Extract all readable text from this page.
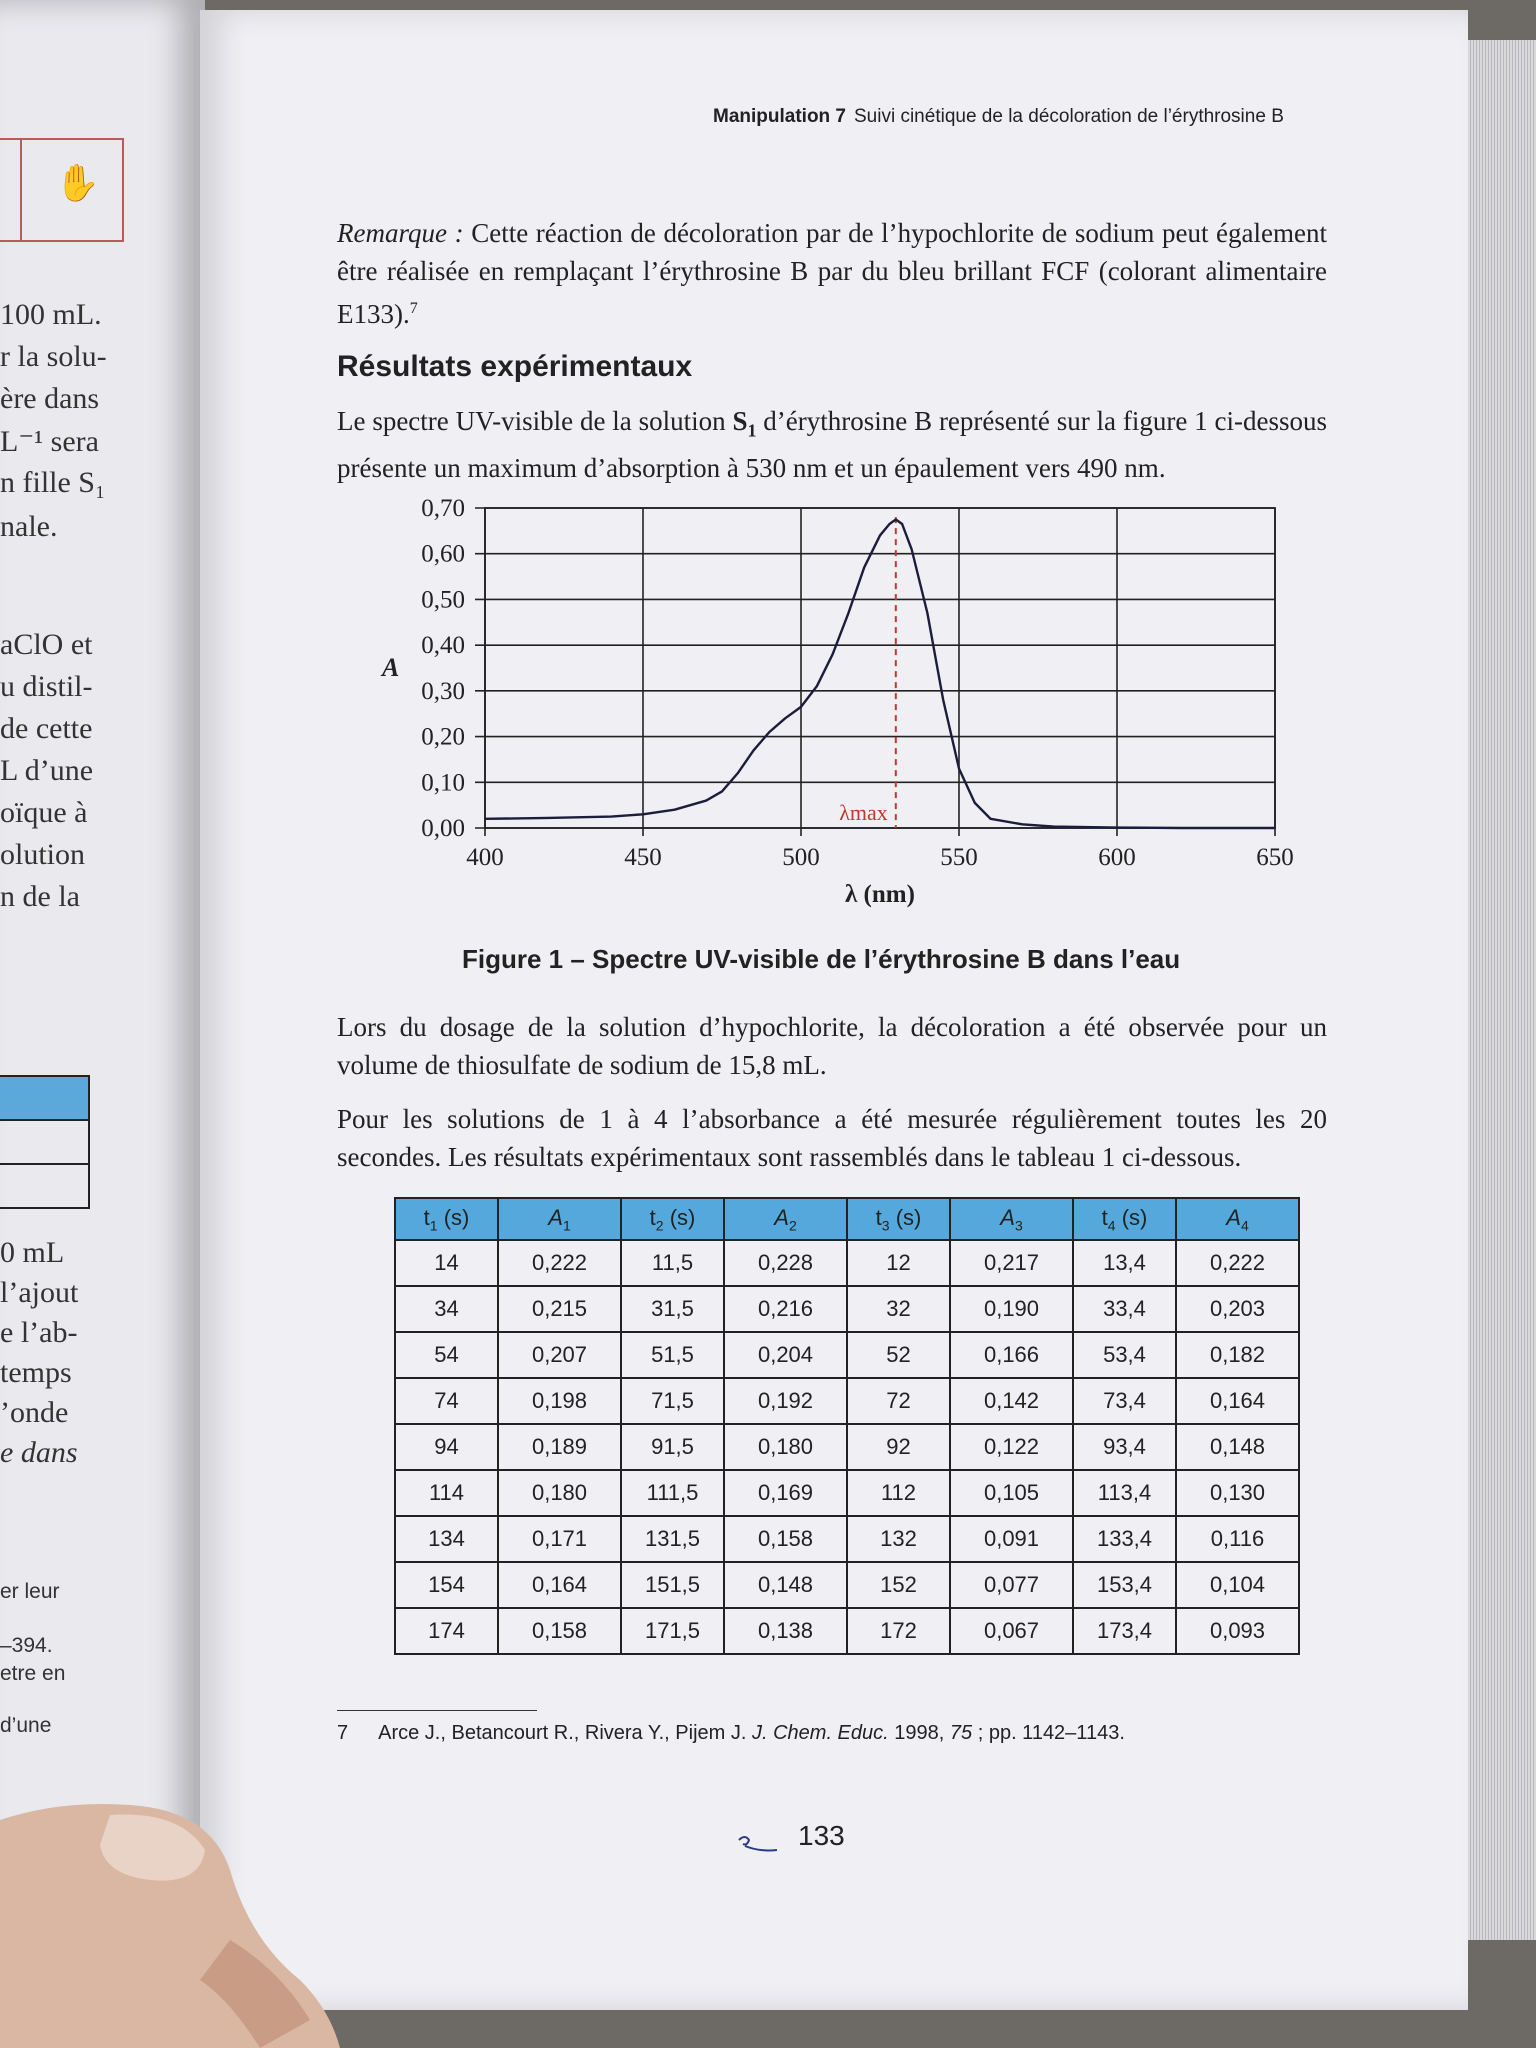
✋
100 mL.
r la solu-
ère dans
L⁻¹ sera
n fille S₁
nale.
aClO et
u distil-
de cette
L d’une
oïque à
olution
n de la
0 mL
l’ajout
e l’ab-
temps
’onde
e dans
er leur
–394.
etre en
d’une
Manipulation 7 Suivi cinétique de la décoloration de l’érythrosine B
Remarque : Cette réaction de décoloration par de l’hypochlorite de sodium peut également être réalisée en remplaçant l’érythrosine B par du bleu brillant FCF (colorant alimentaire E133).$^7$
Résultats expérimentaux
Le spectre UV-visible de la solution $S_1$ d’érythrosine B représenté sur la figure 1 ci-dessous présente un maximum d’absorption à 530 nm et un épaulement vers 490 nm.
0,00
0,10
0,20
0,30
0,40
0,50
0,60
0,70
400	450	500	550	600	650
A
λ (nm)
λmax
Figure 1 – Spectre UV-visible de l’érythrosine B dans l’eau
Lors du dosage de la solution d’hypochlorite, la décoloration a été observée pour un volume de thiosulfate de sodium de 15,8 mL.
Pour les solutions de 1 à 4 l’absorbance a été mesurée régulièrement toutes les 20 secondes. Les résultats expérimentaux sont rassemblés dans le tableau 1 ci-dessous.
$t_1$ (s)	$A_1$	$t_2$ (s)	$A_2$	$t_3$ (s)	$A_3$	$t_4$ (s)	$A_4$
14	0,222	11,5	0,228	12	0,217	13,4	0,222
34	0,215	31,5	0,216	32	0,190	33,4	0,203
54	0,207	51,5	0,204	52	0,166	53,4	0,182
74	0,198	71,5	0,192	72	0,142	73,4	0,164
94	0,189	91,5	0,180	92	0,122	93,4	0,148
114	0,180	111,5	0,169	112	0,105	113,4	0,130
134	0,171	131,5	0,158	132	0,091	133,4	0,116
154	0,164	151,5	0,148	152	0,077	153,4	0,104
174	0,158	171,5	0,138	172	0,067	173,4	0,093
7 Arce J., Betancourt R., Rivera Y., Pijem J. J. Chem. Educ. 1998, 75 ; pp. 1142–1143.
133
